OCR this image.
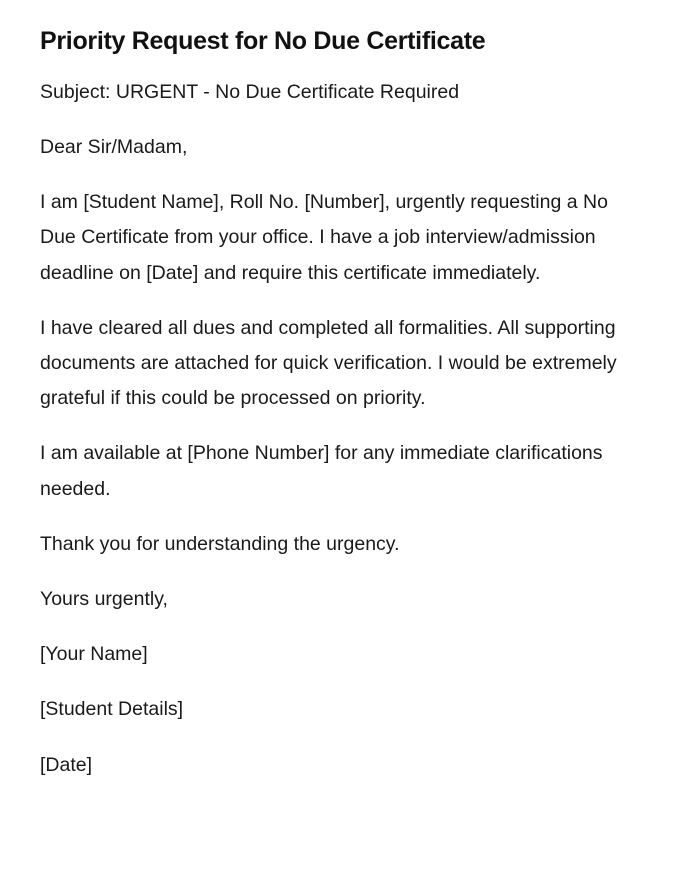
Priority Request for No Due Certificate

Subject: URGENT - No Due Certificate Required

Dear Sir/Madam,

I am [Student Name], Roll No. [Number], urgently requesting a No Due Certificate from your office. I have a job interview/admission deadline on [Date] and require this certificate immediately.

I have cleared all dues and completed all formalities. All supporting documents are attached for quick verification. I would be extremely grateful if this could be processed on priority.

I am available at [Phone Number] for any immediate clarifications needed.

Thank you for understanding the urgency.

Yours urgently,

[Your Name]

[Student Details]

[Date]
